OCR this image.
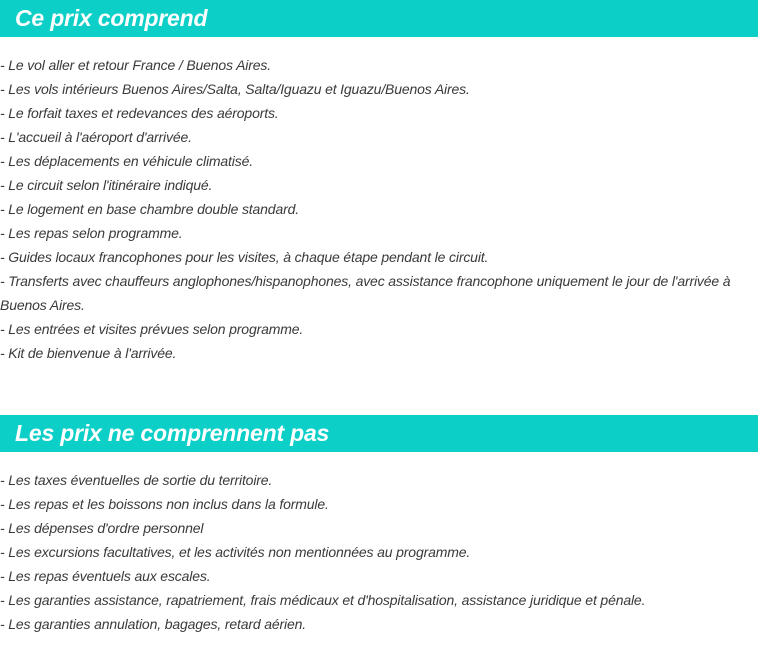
Ce prix comprend
- Le vol aller et retour France / Buenos Aires.
- Les vols intérieurs Buenos Aires/Salta, Salta/Iguazu et Iguazu/Buenos Aires.
- Le forfait taxes et redevances des aéroports.
- L'accueil à l'aéroport d'arrivée.
- Les déplacements en véhicule climatisé.
- Le circuit selon l'itinéraire indiqué.
- Le logement en base chambre double standard.
- Les repas selon programme.
- Guides locaux francophones pour les visites, à chaque étape pendant le circuit.
- Transferts avec chauffeurs anglophones/hispanophones, avec assistance francophone uniquement le jour de l'arrivée à Buenos Aires.
- Les entrées et visites prévues selon programme.
- Kit de bienvenue à l'arrivée.
Les prix ne comprennent pas
- Les taxes éventuelles de sortie du territoire.
- Les repas et les boissons non inclus dans la formule.
- Les dépenses d'ordre personnel
- Les excursions facultatives, et les activités non mentionnées au programme.
- Les repas éventuels aux escales.
- Les garanties assistance, rapatriement, frais médicaux et d'hospitalisation, assistance juridique et pénale.
- Les garanties annulation, bagages, retard aérien.
